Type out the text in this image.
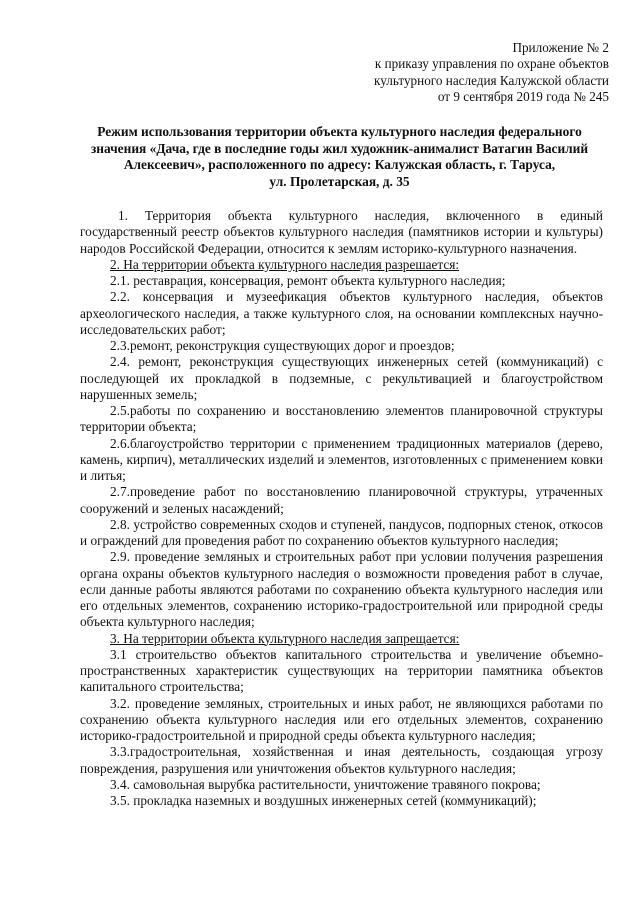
Приложение № 2
к приказу управления по охране объектов
культурного наследия Калужской области
от 9 сентября 2019 года № 245
Режим использования территории объекта культурного наследия федерального
значения «Дача, где в последние годы жил художник-анималист Ватагин Василий
Алексеевич», расположенного по адресу: Калужская область, г. Таруса,
ул. Пролетарская, д. 35

1. Территория объекта культурного наследия, включенного в единый государственный реестр объектов культурного наследия (памятников истории и культуры) народов Российской Федерации, относится к землям историко-культурного назначения.

2. На территории объекта культурного наследия разрешается:

2.1. реставрация, консервация, ремонт объекта культурного наследия;

2.2. консервация и музеефикация объектов культурного наследия, объектов археологического наследия, а также культурного слоя, на основании комплексных научно-исследовательских работ;

2.3.ремонт, реконструкция существующих дорог и проездов;

2.4. ремонт, реконструкция существующих инженерных сетей (коммуникаций) с последующей их прокладкой в подземные, с рекультивацией и благоустройством нарушенных земель;

2.5.работы по сохранению и восстановлению элементов планировочной структуры территории объекта;

2.6.благоустройство территории с применением традиционных материалов (дерево, камень, кирпич), металлических изделий и элементов, изготовленных с применением ковки и литья;

2.7.проведение работ по восстановлению планировочной структуры, утраченных сооружений и зеленых насаждений;

2.8. устройство современных сходов и ступеней, пандусов, подпорных стенок, откосов и ограждений для проведения работ по сохранению объектов культурного наследия;

2.9. проведение земляных и строительных работ при условии получения разрешения органа охраны объектов культурного наследия о возможности проведения работ в случае, если данные работы являются работами по сохранению объекта культурного наследия или его отдельных элементов, сохранению историко-градостроительной или природной среды объекта культурного наследия;

3. На территории объекта культурного наследия запрещается:

3.1 строительство объектов капитального строительства и увеличение объемно-пространственных характеристик существующих на территории памятника объектов капитального строительства;

3.2. проведение земляных, строительных и иных работ, не являющихся работами по сохранению объекта культурного наследия или его отдельных элементов, сохранению историко-градостроительной и природной среды объекта культурного наследия;

3.3.градостроительная, хозяйственная и иная деятельность, создающая угрозу повреждения, разрушения или уничтожения объектов культурного наследия;

3.4. самовольная вырубка растительности, уничтожение травяного покрова;

3.5. прокладка наземных и воздушных инженерных сетей (коммуникаций);
